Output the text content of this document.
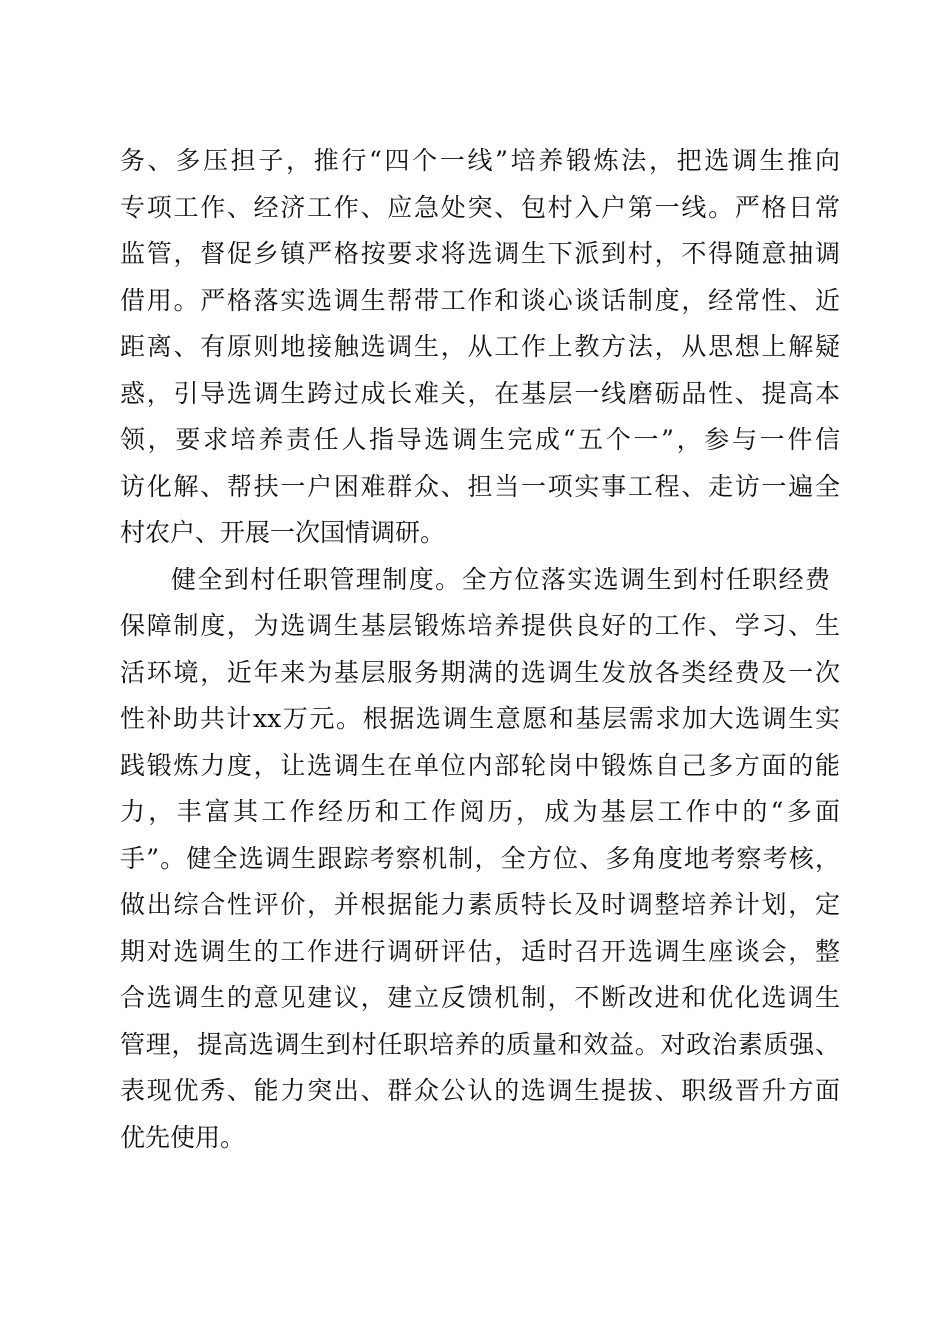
务、多压担子，推行“四个一线”培养锻炼法，把选调生推向
专项工作、经济工作、应急处突、包村入户第一线。严格日常
监管，督促乡镇严格按要求将选调生下派到村，不得随意抽调
借用。严格落实选调生帮带工作和谈心谈话制度，经常性、近
距离、有原则地接触选调生，从工作上教方法，从思想上解疑
惑，引导选调生跨过成长难关，在基层一线磨砺品性、提高本
领，要求培养责任人指导选调生完成“五个一”，参与一件信
访化解、帮扶一户困难群众、担当一项实事工程、走访一遍全
村农户、开展一次国情调研。
健全到村任职管理制度。全方位落实选调生到村任职经费
保障制度，为选调生基层锻炼培养提供良好的工作、学习、生
活环境，近年来为基层服务期满的选调生发放各类经费及一次
性补助共计xx万元。根据选调生意愿和基层需求加大选调生实
践锻炼力度，让选调生在单位内部轮岗中锻炼自己多方面的能
力，丰富其工作经历和工作阅历，成为基层工作中的“多面
手”。健全选调生跟踪考察机制，全方位、多角度地考察考核，
做出综合性评价，并根据能力素质特长及时调整培养计划，定
期对选调生的工作进行调研评估，适时召开选调生座谈会，整
合选调生的意见建议，建立反馈机制，不断改进和优化选调生
管理，提高选调生到村任职培养的质量和效益。对政治素质强、
表现优秀、能力突出、群众公认的选调生提拔、职级晋升方面
优先使用。
